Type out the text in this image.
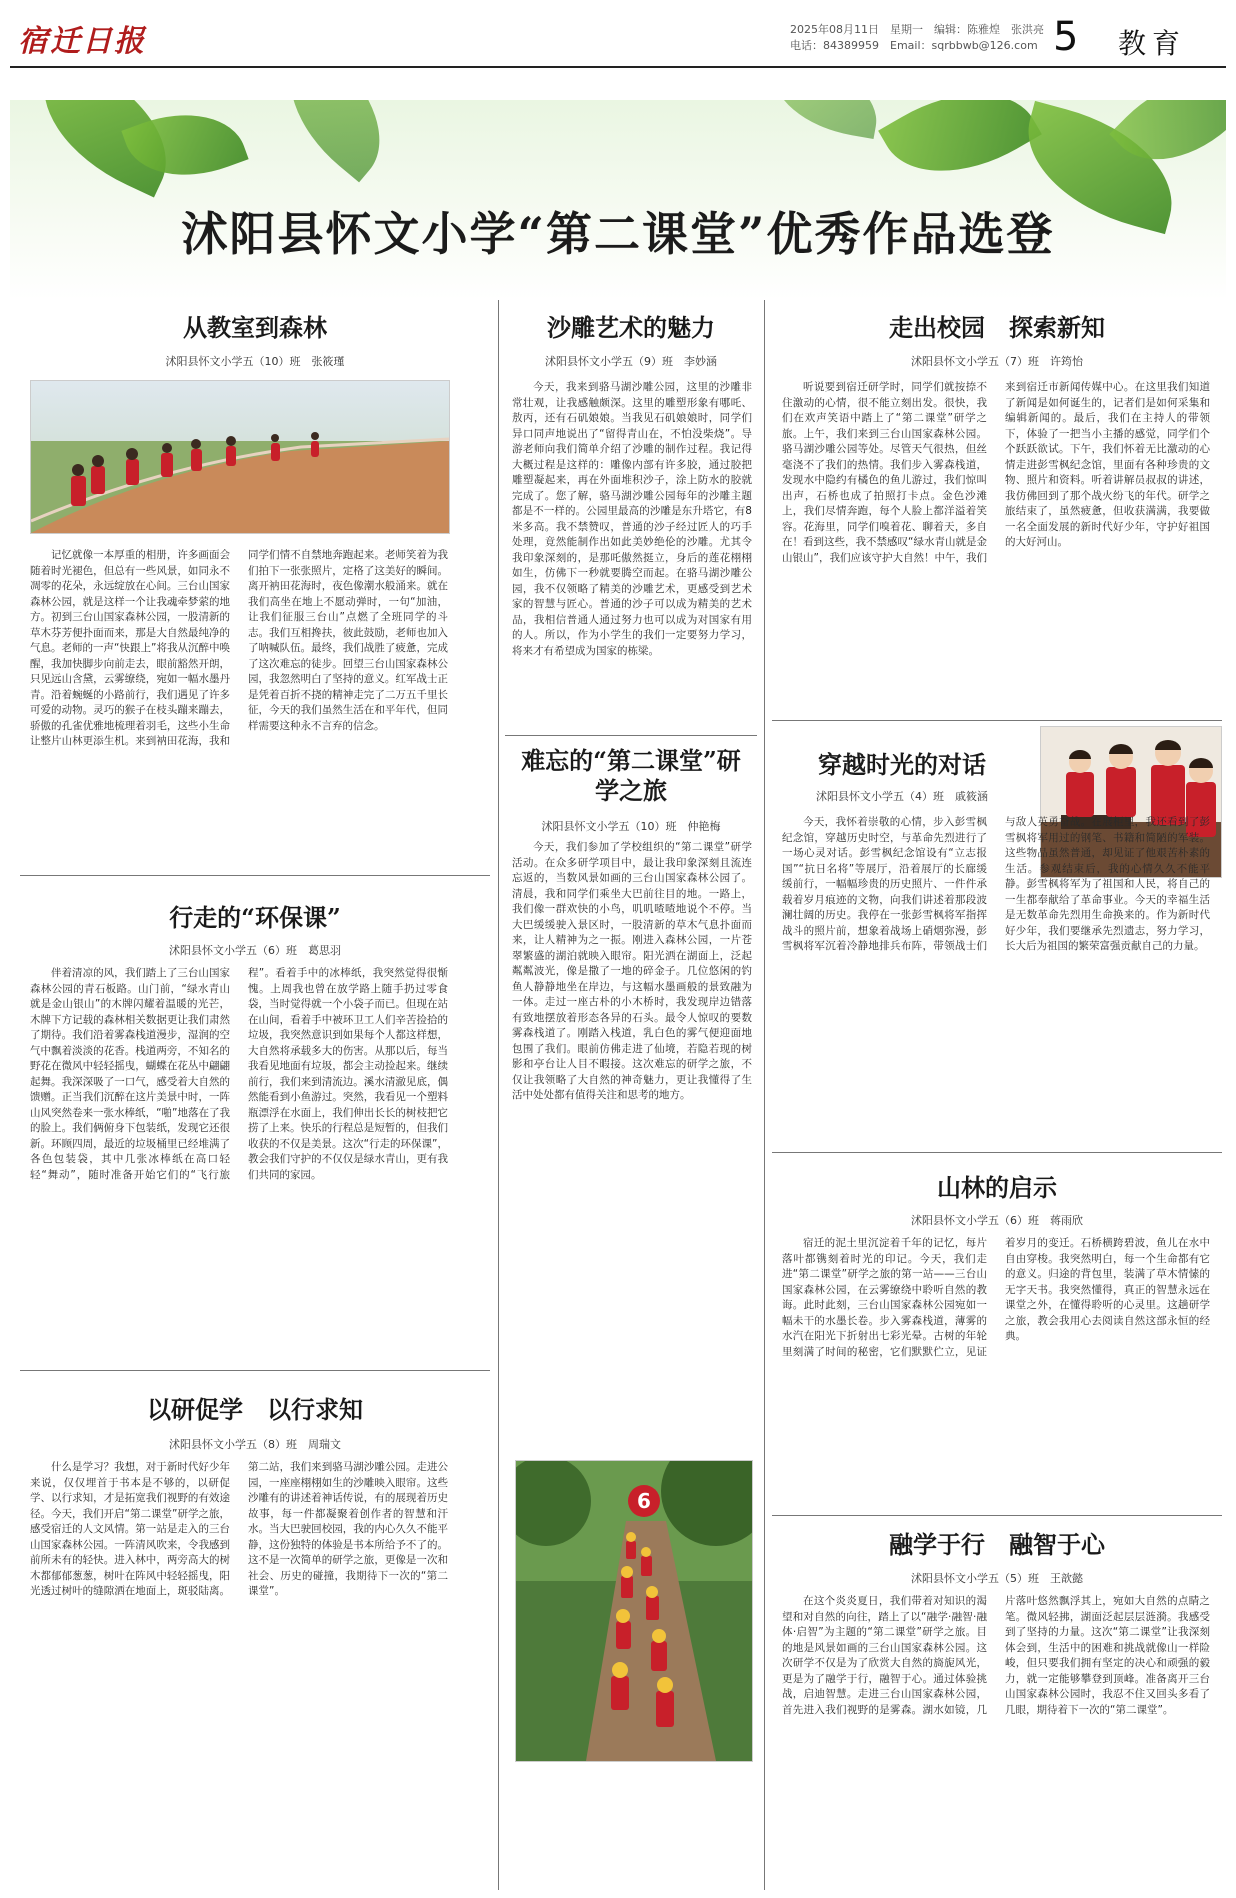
宿迁日报	2025年08月11日　星期一　编辑：陈雅煌　张洪亮
电话：84389959　Email：sqrbbwb@126.com 5 教育
沭阳县怀文小学“第二课堂”优秀作品选登
从教室到森林
沭阳县怀文小学五（10）班　张筱瑾
记忆就像一本厚重的相册，许多画面会随着时光褪色，但总有一些风景，如同永不凋零的花朵，永远绽放在心间。三台山国家森林公园，就是这样一个让我魂牵梦萦的地方。初到三台山国家森林公园，一股清新的草木芬芳便扑面而来，那是大自然最纯净的气息。老师的一声“快跟上”将我从沉醉中唤醒，我加快脚步向前走去，眼前豁然开朗，只见远山含黛，云雾缭绕，宛如一幅水墨丹青。沿着蜿蜒的小路前行，我们遇见了许多可爱的动物。灵巧的猴子在枝头蹦来蹦去，骄傲的孔雀优雅地梳理着羽毛，这些小生命让整片山林更添生机。来到衲田花海，我和同学们情不自禁地奔跑起来。老师笑着为我们拍下一张张照片，定格了这美好的瞬间。离开衲田花海时，夜色像潮水般涌来。就在我们高坐在地上不愿动弹时，一句“加油，让我们征服三台山”点燃了全班同学的斗志。我们互相搀扶，彼此鼓励，老师也加入了呐喊队伍。最终，我们战胜了疲惫，完成了这次难忘的徒步。回望三台山国家森林公园，我忽然明白了坚持的意义。红军战士正是凭着百折不挠的精神走完了二万五千里长征，今天的我们虽然生活在和平年代，但同样需要这种永不言弃的信念。
行走的“环保课”
沭阳县怀文小学五（6）班　葛思羽
伴着清凉的风，我们踏上了三台山国家森林公园的青石板路。山门前，“绿水青山就是金山银山”的木牌闪耀着温暖的光芒，木牌下方记载的森林相关数据更让我们肃然了期待。我们沿着雾森栈道漫步，湿润的空气中飘着淡淡的花香。栈道两旁，不知名的野花在微风中轻轻摇曳，蝴蝶在花丛中翩翩起舞。我深深吸了一口气，感受着大自然的馈赠。正当我们沉醉在这片美景中时，一阵山风突然卷来一张水棒纸，“啪”地落在了我的脸上。我们俩俯身下包装纸，发现它还很新。环顾四周，最近的垃圾桶里已经堆满了各色包装袋，其中几张冰棒纸在高口轻轻“舞动”，随时准备开始它们的“飞行旅程”。看着手中的冰棒纸，我突然觉得很惭愧。上周我也曾在放学路上随手扔过零食袋，当时觉得就一个小袋子而已。但现在站在山间，看着手中被环卫工人们辛苦捡拾的垃圾，我突然意识到如果每个人都这样想，大自然将承载多大的伤害。从那以后，每当我看见地面有垃圾，都会主动捡起来。继续前行，我们来到清流边。溪水清澈见底，偶然能看到小鱼游过。突然，我看见一个塑料瓶漂浮在水面上，我们伸出长长的树枝把它捞了上来。快乐的行程总是短暂的，但我们收获的不仅是美景。这次“行走的环保课”，教会我们守护的不仅仅是绿水青山，更有我们共同的家园。
以研促学　以行求知
沭阳县怀文小学五（8）班　周瑞文
什么是学习？我想，对于新时代好少年来说，仅仅埋首于书本是不够的，以研促学、以行求知，才是拓宽我们视野的有效途径。今天，我们开启“第二课堂”研学之旅，感受宿迁的人文风情。第一站是走入的三台山国家森林公园。一阵清风吹来，令我感到前所未有的轻快。进入林中，两旁高大的树木都郁郁葱葱，树叶在阵风中轻轻摇曳，阳光透过树叶的缝隙洒在地面上，斑驳陆离。第二站，我们来到骆马湖沙雕公园。走进公园，一座座栩栩如生的沙雕映入眼帘。这些沙雕有的讲述着神话传说，有的展现着历史故事，每一件都凝聚着创作者的智慧和汗水。当大巴驶回校园，我的内心久久不能平静，这份独特的体验是书本所给予不了的。这不是一次简单的研学之旅，更像是一次和社会、历史的碰撞，我期待下一次的“第二课堂”。
沙雕艺术的魅力
沭阳县怀文小学五（9）班　李妙涵
今天，我来到骆马湖沙雕公园，这里的沙雕非常壮观，让我感触颇深。这里的雕塑形象有哪吒、敖丙，还有石矶娘娘。当我见石矶娘娘时，同学们异口同声地说出了“留得青山在，不怕没柴烧”。导游老师向我们简单介绍了沙雕的制作过程。我记得大概过程是这样的：雕像内部有许多胶，通过胶把雕塑凝起来，再在外面堆积沙子，涂上防水的胶就完成了。您了解，骆马湖沙雕公园每年的沙雕主题都是不一样的。公园里最高的沙雕是东升塔它，有8米多高。我不禁赞叹，普通的沙子经过匠人的巧手处理，竟然能制作出如此美妙绝伦的沙雕。尤其令我印象深刻的，是那吒傲然挺立，身后的莲花栩栩如生，仿佛下一秒就要腾空而起。在骆马湖沙雕公园，我不仅领略了精美的沙雕艺术，更感受到艺术家的智慧与匠心。普通的沙子可以成为精美的艺术品，我相信普通人通过努力也可以成为对国家有用的人。所以，作为小学生的我们一定要努力学习，将来才有希望成为国家的栋梁。
难忘的“第二课堂”研学之旅
沭阳县怀文小学五（10）班　仲艳梅
今天，我们参加了学校组织的“第二课堂”研学活动。在众多研学项目中，最让我印象深刻且流连忘返的，当数风景如画的三台山国家森林公园了。清晨，我和同学们乘坐大巴前往目的地。一路上，我们像一群欢快的小鸟，叽叽喳喳地说个不停。当大巴缓缓驶入景区时，一股清新的草木气息扑面而来，让人精神为之一振。刚进入森林公园，一片苍翠繁盛的湖泊就映入眼帘。阳光洒在湖面上，泛起粼粼波光，像是撒了一地的碎金子。几位悠闲的钓鱼人静静地坐在岸边，与这幅水墨画般的景致融为一体。走过一座古朴的小木桥时，我发现岸边错落有致地摆放着形态各异的石头。最令人惊叹的要数雾森栈道了。刚踏入栈道，乳白色的雾气便迎面地包围了我们。眼前仿佛走进了仙境，若隐若现的树影和亭台让人目不暇接。这次难忘的研学之旅，不仅让我领略了大自然的神奇魅力，更让我懂得了生活中处处都有值得关注和思考的地方。
6
走出校园　探索新知
沭阳县怀文小学五（7）班　许筠怡
听说要到宿迁研学时，同学们就按捺不住激动的心情，很不能立刻出发。很快，我们在欢声笑语中踏上了“第二课堂”研学之旅。上午，我们来到三台山国家森林公园。骆马湖沙雕公园等处。尽管天气很热，但丝毫浇不了我们的热情。我们步入雾森栈道，发现水中隐约有橘色的鱼儿游过，我们惊叫出声，石桥也成了拍照打卡点。金色沙滩上，我们尽情奔跑，每个人脸上都洋溢着笑容。花海里，同学们嗅着花、聊着天，多自在！看到这些，我不禁感叹“绿水青山就是金山银山”，我们应该守护大自然！中午，我们来到宿迁市新闻传媒中心。在这里我们知道了新闻是如何诞生的，记者们是如何采集和编辑新闻的。最后，我们在主持人的带领下，体验了一把当小主播的感觉，同学们个个跃跃欲试。下午，我们怀着无比激动的心情走进彭雪枫纪念馆，里面有各种珍贵的文物、照片和资料。听着讲解员叔叔的讲述，我仿佛回到了那个战火纷飞的年代。研学之旅结束了，虽然疲惫，但收获满满，我要做一名全面发展的新时代好少年，守护好祖国的大好河山。
穿越时光的对话
沭阳县怀文小学五（4）班　戚筱涵
今天，我怀着崇敬的心情，步入彭雪枫纪念馆，穿越历史时空，与革命先烈进行了一场心灵对话。彭雪枫纪念馆设有“立志报国”“抗日名将”等展厅，沿着展厅的长廊缓缓前行，一幅幅珍贵的历史照片、一件件承载着岁月痕迹的文物，向我们讲述着那段波澜壮阔的历史。我停在一张彭雪枫将军指挥战斗的照片前，想象着战场上硝烟弥漫，彭雪枫将军沉着冷静地排兵布阵，带领战士们与敌人英勇奋战。在展柜里，我还看到了彭雪枫将军用过的钢笔、书籍和简陋的军装。这些物品虽然普通，却见证了他艰苦朴素的生活。参观结束后，我的心情久久不能平静。彭雪枫将军为了祖国和人民，将自己的一生都奉献给了革命事业。今天的幸福生活是无数革命先烈用生命换来的。作为新时代好少年，我们要继承先烈遗志，努力学习，长大后为祖国的繁荣富强贡献自己的力量。
山林的启示
沭阳县怀文小学五（6）班　蒋雨欣
宿迁的泥土里沉淀着千年的记忆，每片落叶都镌刻着时光的印记。今天，我们走进“第二课堂”研学之旅的第一站——三台山国家森林公园，在云雾缭绕中聆听自然的教诲。此时此刻，三台山国家森林公园宛如一幅未干的水墨长卷。步入雾森栈道，薄雾的水汽在阳光下折射出七彩光晕。古树的年轮里刻满了时间的秘密，它们默默伫立，见证着岁月的变迁。石桥横跨碧波，鱼儿在水中自由穿梭。我突然明白，每一个生命都有它的意义。归途的背包里，装满了草木情愫的无字天书。我突然懂得，真正的智慧永远在课堂之外，在懂得聆听的心灵里。这趟研学之旅，教会我用心去阅读自然这部永恒的经典。
融学于行　融智于心
沭阳县怀文小学五（5）班　王歆懿
在这个炎炎夏日，我们带着对知识的渴望和对自然的向往，踏上了以“融学·融智·融体·启智”为主题的“第二课堂”研学之旅。目的地是风景如画的三台山国家森林公园。这次研学不仅是为了欣赏大自然的旖旎风光，更是为了融学于行，融智于心。通过体验挑战，启迪智慧。走进三台山国家森林公园，首先进入我们视野的是雾森。湖水如镜，几片落叶悠然飘浮其上，宛如大自然的点睛之笔。微风轻拂，湖面泛起层层涟漪。我感受到了坚持的力量。这次“第二课堂”让我深刻体会到，生活中的困难和挑战就像山一样险峻，但只要我们拥有坚定的决心和顽强的毅力，就一定能够攀登到顶峰。准备离开三台山国家森林公园时，我忍不住又回头多看了几眼，期待着下一次的“第二课堂”。
